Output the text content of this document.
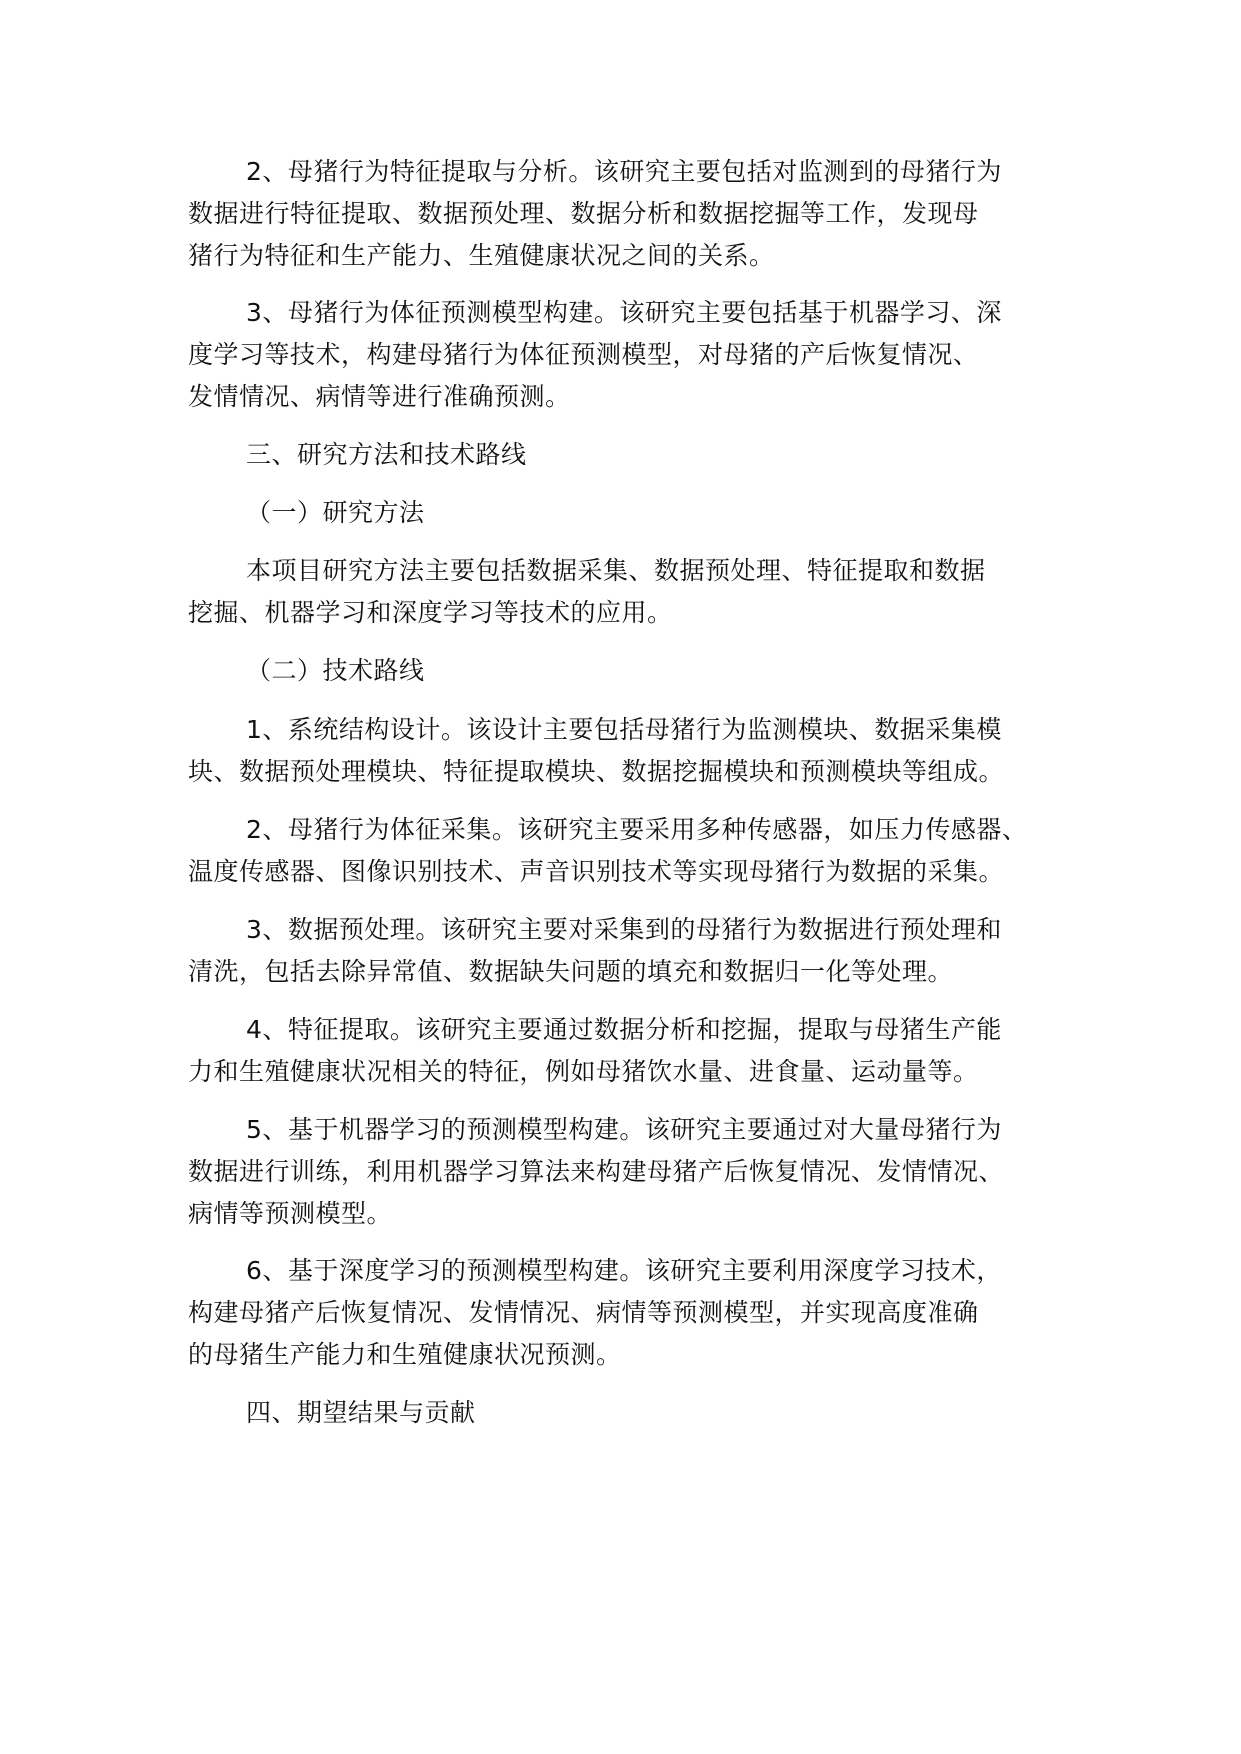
2、母猪行为特征提取与分析。该研究主要包括对监测到的母猪行为
数据进行特征提取、数据预处理、数据分析和数据挖掘等工作，发现母
猪行为特征和生产能力、生殖健康状况之间的关系。
3、母猪行为体征预测模型构建。该研究主要包括基于机器学习、深
度学习等技术，构建母猪行为体征预测模型，对母猪的产后恢复情况、
发情情况、病情等进行准确预测。
三、研究方法和技术路线
（一）研究方法
本项目研究方法主要包括数据采集、数据预处理、特征提取和数据
挖掘、机器学习和深度学习等技术的应用。
（二）技术路线
1、系统结构设计。该设计主要包括母猪行为监测模块、数据采集模
块、数据预处理模块、特征提取模块、数据挖掘模块和预测模块等组成。
2、母猪行为体征采集。该研究主要采用多种传感器，如压力传感器、
温度传感器、图像识别技术、声音识别技术等实现母猪行为数据的采集。
3、数据预处理。该研究主要对采集到的母猪行为数据进行预处理和
清洗，包括去除异常值、数据缺失问题的填充和数据归一化等处理。
4、特征提取。该研究主要通过数据分析和挖掘，提取与母猪生产能
力和生殖健康状况相关的特征，例如母猪饮水量、进食量、运动量等。
5、基于机器学习的预测模型构建。该研究主要通过对大量母猪行为
数据进行训练，利用机器学习算法来构建母猪产后恢复情况、发情情况、
病情等预测模型。
6、基于深度学习的预测模型构建。该研究主要利用深度学习技术，
构建母猪产后恢复情况、发情情况、病情等预测模型，并实现高度准确
的母猪生产能力和生殖健康状况预测。
四、期望结果与贡献
